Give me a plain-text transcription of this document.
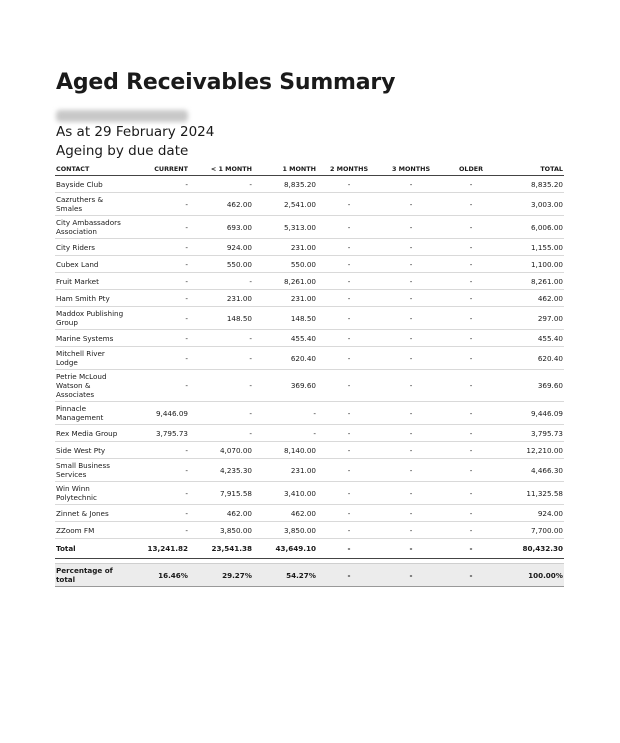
Aged Receivables Summary
As at 29 February 2024
Ageing by due date
CONTACT	CURRENT	< 1 MONTH	1 MONTH	2 MONTHS	3 MONTHS	OLDER	TOTAL
Bayside Club	-	-	8,835.20	-	-	-	8,835.20
Cazruthers & Smales	-	462.00	2,541.00	-	-	-	3,003.00
City Ambassadors Association	-	693.00	5,313.00	-	-	-	6,006.00
City Riders	-	924.00	231.00	-	-	-	1,155.00
Cubex Land	-	550.00	550.00	-	-	-	1,100.00
Fruit Market	-	-	8,261.00	-	-	-	8,261.00
Ham Smith Pty	-	231.00	231.00	-	-	-	462.00
Maddox Publishing Group	-	148.50	148.50	-	-	-	297.00
Marine Systems	-	-	455.40	-	-	-	455.40
Mitchell River Lodge	-	-	620.40	-	-	-	620.40
Petrie McLoud Watson & Associates	-	-	369.60	-	-	-	369.60
Pinnacle Management	9,446.09	-	-	-	-	-	9,446.09
Rex Media Group	3,795.73	-	-	-	-	-	3,795.73
Side West Pty	-	4,070.00	8,140.00	-	-	-	12,210.00
Small Business Services	-	4,235.30	231.00	-	-	-	4,466.30
Win Winn Polytechnic	-	7,915.58	3,410.00	-	-	-	11,325.58
Zinnet & Jones	-	462.00	462.00	-	-	-	924.00
ZZoom FM	-	3,850.00	3,850.00	-	-	-	7,700.00
Total	13,241.82	23,541.38	43,649.10	-	-	-	80,432.30

Percentage of total	16.46%	29.27%	54.27%	-	-	-	100.00%
